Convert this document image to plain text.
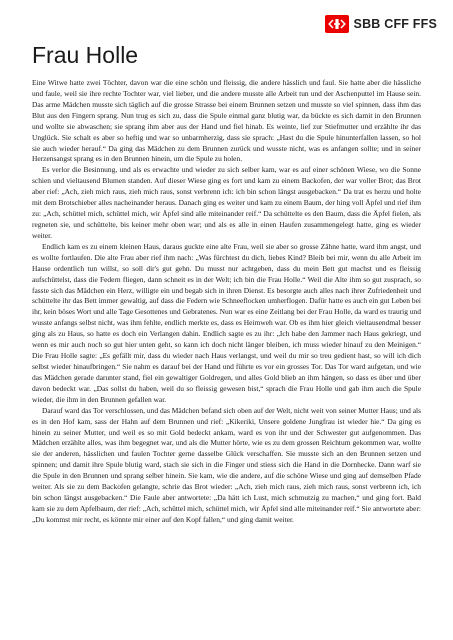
SBB CFF FFS
Frau Holle

Eine Witwe hatte zwei Töchter, davon war die eine schön und fleissig, die andere hässlich und faul. Sie hatte aber die hässliche und faule, weil sie ihre rechte Tochter war, viel lieber, und die andere musste alle Arbeit tun und der Aschenputtel im Hause sein. Das arme Mädchen musste sich täglich auf die grosse Strasse bei einem Brunnen setzen und musste so viel spinnen, dass ihm das Blut aus den Fingern sprang. Nun trug es sich zu, dass die Spule einmal ganz blutig war, da bückte es sich damit in den Brunnen und wollte sie abwaschen; sie sprang ihm aber aus der Hand und fiel hinab. Es weinte, lief zur Stiefmutter und erzählte ihr das Unglück. Sie schalt es aber so heftig und war so unbarmherzig, dass sie sprach: „Hast du die Spule hinunterfallen lassen, so hol sie auch wieder herauf.“ Da ging das Mädchen zu dem Brunnen zurück und wusste nicht, was es anfangen sollte; und in seiner Herzensangst sprang es in den Brunnen hinein, um die Spule zu holen.

Es verlor die Besinnung, und als es erwachte und wieder zu sich selber kam, war es auf einer schönen Wiese, wo die Sonne schien und vieltausend Blumen standen. Auf dieser Wiese ging es fort und kam zu einem Backofen, der war voller Brot; das Brot aber rief: „Ach, zieh mich raus, zieh mich raus, sonst verbrenn ich: ich bin schon längst ausgebacken.“ Da trat es herzu und holte mit dem Brotschieber alles nacheinander heraus. Danach ging es weiter und kam zu einem Baum, der hing voll Äpfel und rief ihm zu: „Ach, schüttel mich, schüttel mich, wir Äpfel sind alle miteinander reif.“ Da schüttelte es den Baum, dass die Äpfel fielen, als regneten sie, und schüttelte, bis keiner mehr oben war; und als es alle in einen Haufen zusammengelegt hatte, ging es wieder weiter.

Endlich kam es zu einem kleinen Haus, daraus guckte eine alte Frau, weil sie aber so grosse Zähne hatte, ward ihm angst, und es wollte fortlaufen. Die alte Frau aber rief ihm nach: „Was fürchtest du dich, liebes Kind? Bleib bei mir, wenn du alle Arbeit im Hause ordentlich tun willst, so soll dir's gut gehn. Du musst nur achtgeben, dass du mein Bett gut machst und es fleissig aufschüttelst, dass die Federn fliegen, dann schneit es in der Welt; ich bin die Frau Holle.“ Weil die Alte ihm so gut zusprach, so fasste sich das Mädchen ein Herz, willigte ein und begab sich in ihren Dienst. Es besorgte auch alles nach ihrer Zufriedenheit und schüttelte ihr das Bett immer gewaltig, auf dass die Federn wie Schneeflocken umherflogen. Dafür hatte es auch ein gut Leben bei ihr, kein böses Wort und alle Tage Gesottenes und Gebratenes. Nun war es eine Zeitlang bei der Frau Holle, da ward es traurig und wusste anfangs selbst nicht, was ihm fehlte, endlich merkte es, dass es Heimweh war. Ob es ihm hier gleich vieltausendmal besser ging als zu Haus, so hatte es doch ein Verlangen dahin. Endlich sagte es zu ihr: „Ich habe den Jammer nach Haus gekriegt, und wenn es mir auch noch so gut hier unten geht, so kann ich doch nicht länger bleiben, ich muss wieder hinauf zu den Meinigen.“ Die Frau Holle sagte: „Es gefällt mir, dass du wieder nach Haus verlangst, und weil du mir so treu gedient hast, so will ich dich selbst wieder hinaufbringen.“ Sie nahm es darauf bei der Hand und führte es vor ein grosses Tor. Das Tor ward aufgetan, und wie das Mädchen gerade darunter stand, fiel ein gewaltiger Goldregen, und alles Gold blieb an ihm hängen, so dass es über und über davon bedeckt war. „Das sollst du haben, weil du so fleissig gewesen bist,“ sprach die Frau Holle und gab ihm auch die Spule wieder, die ihm in den Brunnen gefallen war.

Darauf ward das Tor verschlossen, und das Mädchen befand sich oben auf der Welt, nicht weit von seiner Mutter Haus; und als es in den Hof kam, sass der Hahn auf dem Brunnen und rief: „Kikeriki, Unsere goldene Jungfrau ist wieder hie.“ Da ging es hinein zu seiner Mutter, und weil es so mit Gold bedeckt ankam, ward es von ihr und der Schwester gut aufgenommen. Das Mädchen erzählte alles, was ihm begegnet war, und als die Mutter hörte, wie es zu dem grossen Reichtum gekommen war, wollte sie der anderen, hässlichen und faulen Tochter gerne dasselbe Glück verschaffen. Sie musste sich an den Brunnen setzen und spinnen; und damit ihre Spule blutig ward, stach sie sich in die Finger und stiess sich die Hand in die Dornhecke. Dann warf sie die Spule in den Brunnen und sprang selber hinein. Sie kam, wie die andere, auf die schöne Wiese und ging auf demselben Pfade weiter. Als sie zu dem Backofen gelangte, schrie das Brot wieder: „Ach, zieh mich raus, zieh mich raus, sonst verbrenn ich, ich bin schon längst ausgebacken.“ Die Faule aber antwortete: „Da hätt ich Lust, mich schmutzig zu machen,“ und ging fort. Bald kam sie zu dem Apfelbaum, der rief: „Ach, schüttel mich, schüttel mich, wir Äpfel sind alle miteinander reif.“ Sie antwortete aber: „Du kommst mir recht, es könnte mir einer auf den Kopf fallen,“ und ging damit weiter.
